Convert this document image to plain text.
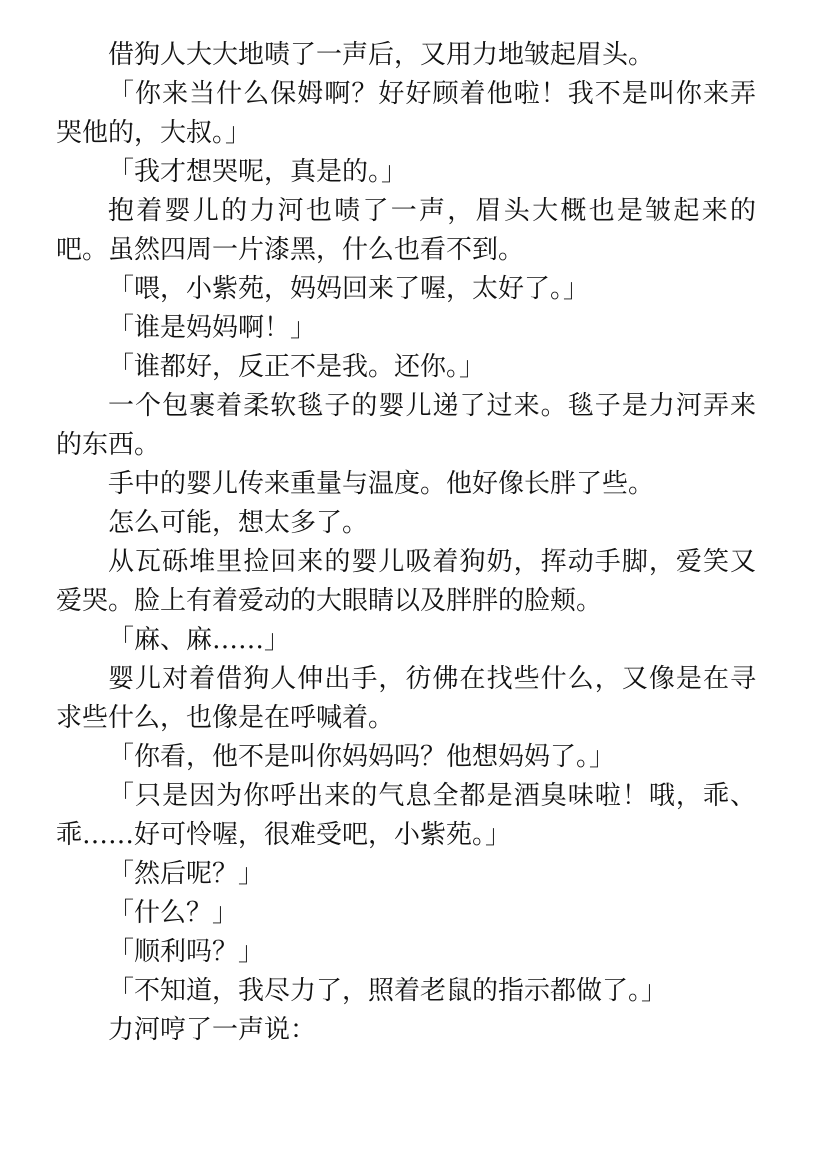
借狗人大大地啧了一声后，又用力地皱起眉头。

「你来当什么保姆啊？好好顾着他啦！我不是叫你来弄哭他的，大叔。」

「我才想哭呢，真是的。」

抱着婴儿的力河也啧了一声，眉头大概也是皱起来的吧。虽然四周一片漆黑，什么也看不到。

「喂，小紫苑，妈妈回来了喔，太好了。」

「谁是妈妈啊！」

「谁都好，反正不是我。还你。」

一个包裹着柔软毯子的婴儿递了过来。毯子是力河弄来的东西。

手中的婴儿传来重量与温度。他好像长胖了些。

怎么可能，想太多了。

从瓦砾堆里捡回来的婴儿吸着狗奶，挥动手脚，爱笑又爱哭。脸上有着爱动的大眼睛以及胖胖的脸颊。

「麻、麻……」

婴儿对着借狗人伸出手，彷佛在找些什么，又像是在寻求些什么，也像是在呼喊着。

「你看，他不是叫你妈妈吗？他想妈妈了。」

「只是因为你呼出来的气息全都是酒臭味啦！哦，乖、乖……好可怜喔，很难受吧，小紫苑。」

「然后呢？」

「什么？」

「顺利吗？」

「不知道，我尽力了，照着老鼠的指示都做了。」

力河哼了一声说：
